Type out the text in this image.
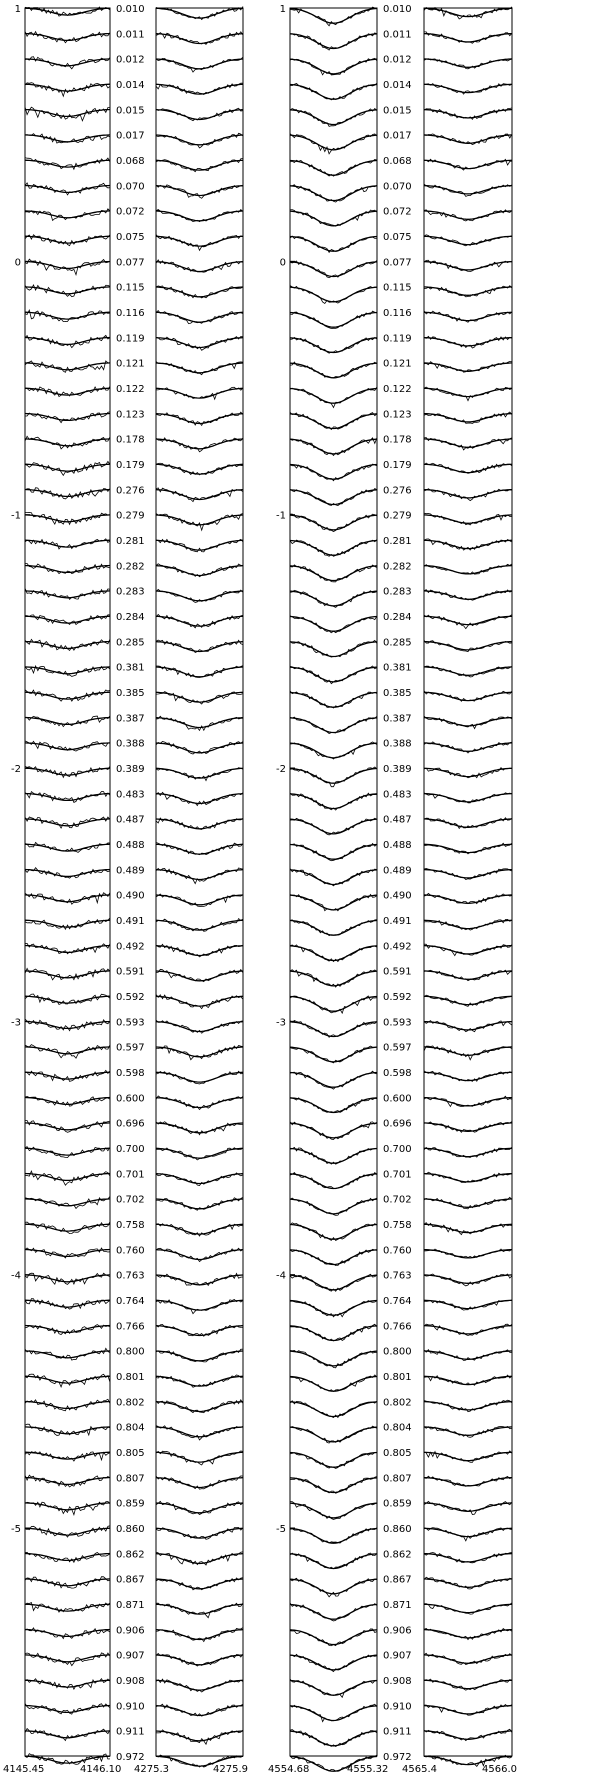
4145.45	4146.10
1
0
-1
-2
-3
-4
-5
4275.3	4275.9 4554.68	4555.32
1
0
-1
-2
-3
-4
-5
4565.4	4566.0
0.010
0.011
0.012
0.014
0.015
0.017
0.068
0.070
0.072
0.075
0.077
0.115
0.116
0.119
0.121
0.122
0.123
0.178
0.179
0.276
0.279
0.281
0.282
0.283
0.284
0.285
0.381
0.385
0.387
0.388
0.389
0.483
0.487
0.488
0.489
0.490
0.491
0.492
0.591
0.592
0.593
0.597
0.598
0.600
0.696
0.700
0.701
0.702
0.758
0.760
0.763
0.764
0.766
0.800
0.801
0.802
0.804
0.805
0.807
0.859
0.860
0.862
0.867
0.871
0.906
0.907
0.908
0.910
0.911
0.972
0.010
0.011
0.012
0.014
0.015
0.017
0.068
0.070
0.072
0.075
0.077
0.115
0.116
0.119
0.121
0.122
0.123
0.178
0.179
0.276
0.279
0.281
0.282
0.283
0.284
0.285
0.381
0.385
0.387
0.388
0.389
0.483
0.487
0.488
0.489
0.490
0.491
0.492
0.591
0.592
0.593
0.597
0.598
0.600
0.696
0.700
0.701
0.702
0.758
0.760
0.763
0.764
0.766
0.800
0.801
0.802
0.804
0.805
0.807
0.859
0.860
0.862
0.867
0.871
0.906
0.907
0.908
0.910
0.911
0.972
